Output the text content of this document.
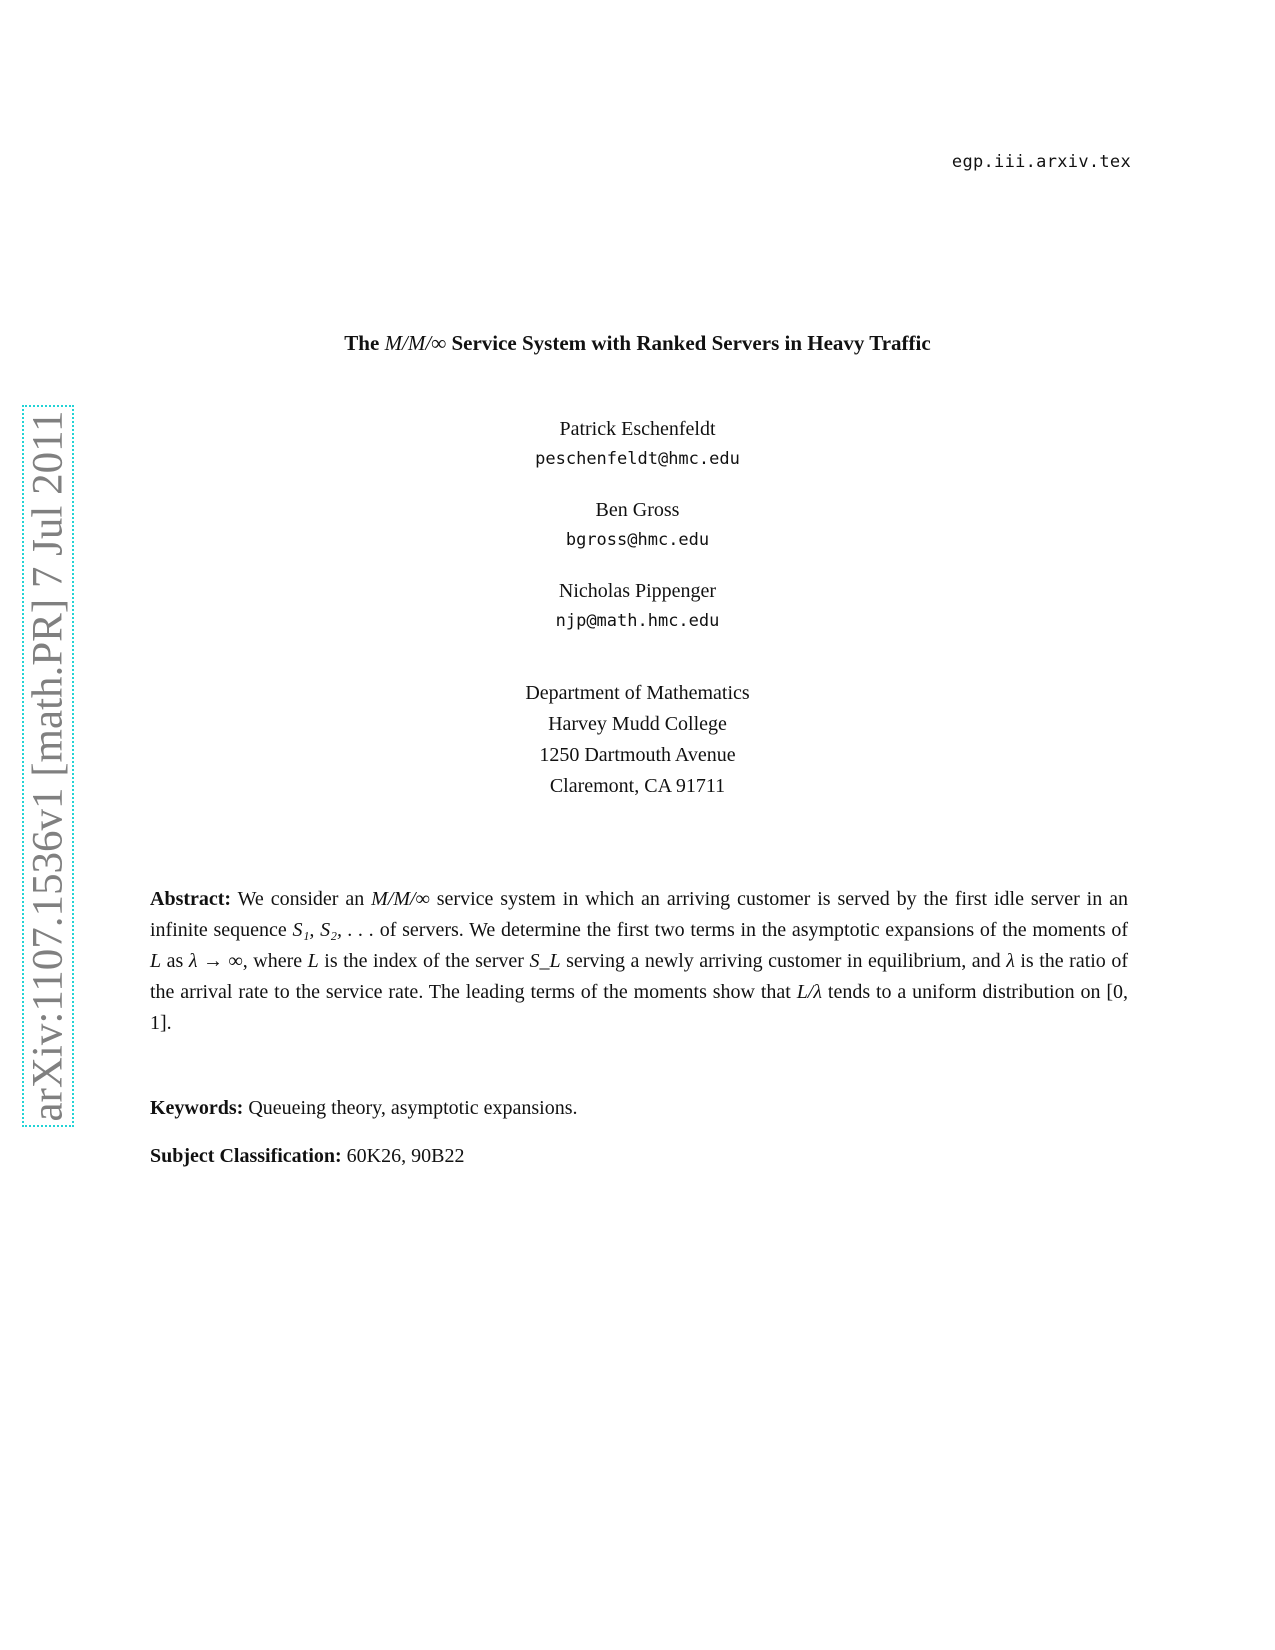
egp.iii.arxiv.tex
arXiv:1107.1536v1 [math.PR] 7 Jul 2011
The M/M/∞ Service System with Ranked Servers in Heavy Traffic
Patrick Eschenfeldt
peschenfeldt@hmc.edu
Ben Gross
bgross@hmc.edu
Nicholas Pippenger
njp@math.hmc.edu
Department of Mathematics
Harvey Mudd College
1250 Dartmouth Avenue
Claremont, CA 91711
Abstract: We consider an M/M/∞ service system in which an arriving customer is served by the first idle server in an infinite sequence S₁, S₂, . . . of servers. We determine the first two terms in the asymptotic expansions of the moments of L as λ → ∞, where L is the index of the server S_L serving a newly arriving customer in equilibrium, and λ is the ratio of the arrival rate to the service rate. The leading terms of the moments show that L/λ tends to a uniform distribution on [0, 1].
Keywords: Queueing theory, asymptotic expansions.
Subject Classification: 60K26, 90B22
